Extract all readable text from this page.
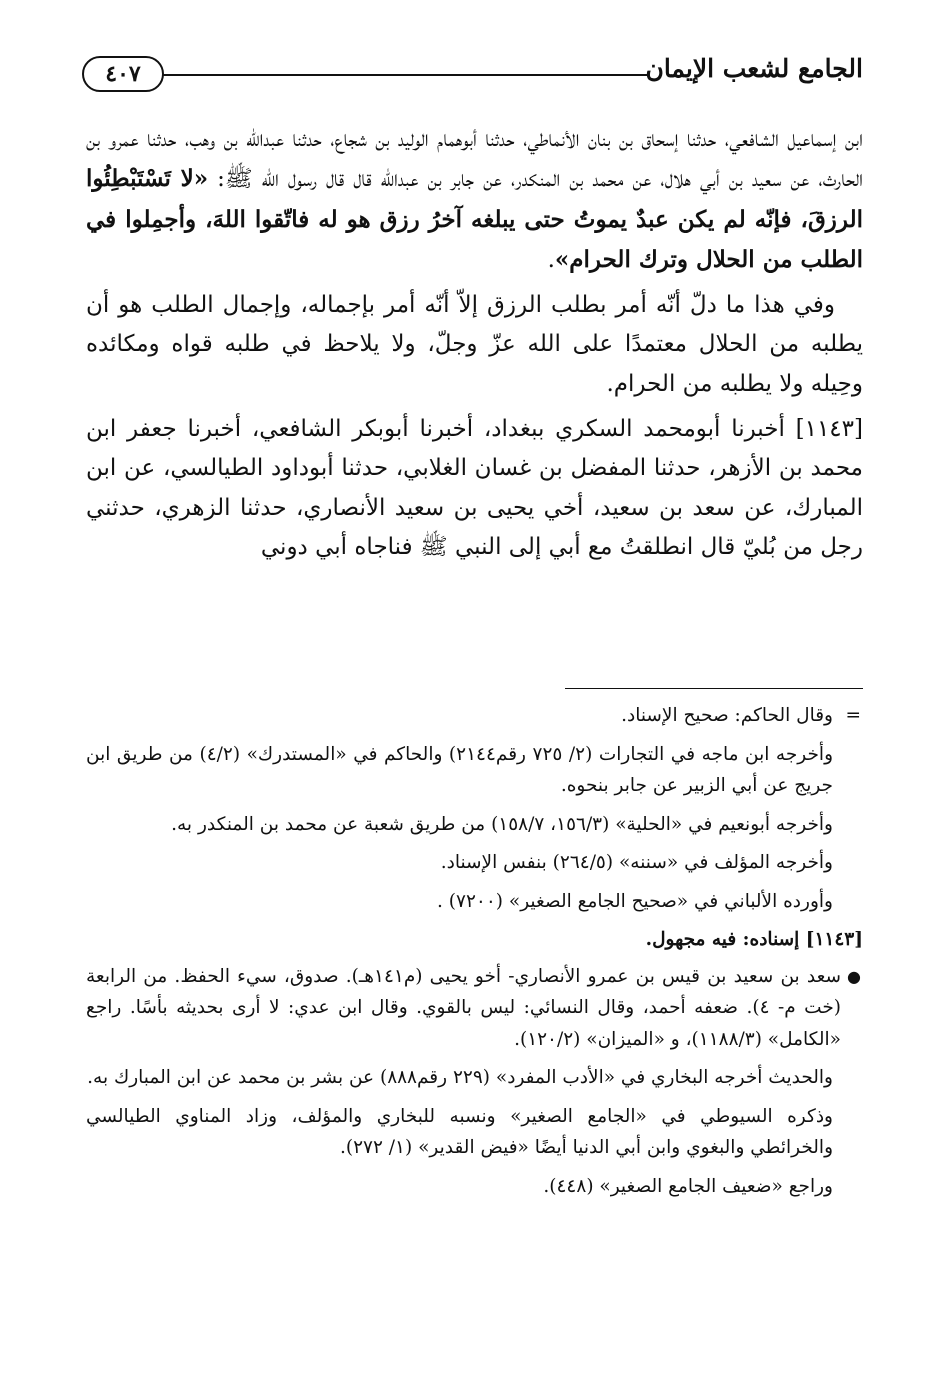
الجامع لشعب الإيمان
٤٠٧

ابن إسماعيل الشافعي، حدثنا إسحاق بن بنان الأنماطي، حدثنا أبوهمام الوليد بن شجاع، حدثنا عبدالله بن وهب، حدثنا عمرو بن الحارث، عن سعيد بن أبي هلال، عن محمد بن المنكدر، عن جابر بن عبدالله قال قال رسول الله ﷺ: «لا تَسْتَبْطِئُوا الرزقَ، فإنّه لم يكن عبدٌ يموتُ حتى يبلغه آخرُ رزق هو له فاتّقوا اللهَ، وأجمِلوا في الطلب من الحلال وترك الحرام».

وفي هذا ما دلّ أنّه أمر بطلب الرزق إلاّ أنّه أمر بإجماله، وإجمال الطلب هو أن يطلبه من الحلال معتمدًا على الله عزّ وجلّ، ولا يلاحظ في طلبه قواه ومكائده وحِيله ولا يطلبه من الحرام.

[١١٤٣] أخبرنا أبومحمد السكري ببغداد، أخبرنا أبوبكر الشافعي، أخبرنا جعفر ابن محمد بن الأزهر، حدثنا المفضل بن غسان الغلابي، حدثنا أبوداود الطيالسي، عن ابن المبارك، عن سعد بن سعيد، أخي يحيى بن سعيد الأنصاري، حدثنا الزهري، حدثني رجل من بُليّ قال انطلقتُ مع أبي إلى النبي ﷺ فناجاه أبي دوني

=
وقال الحاكم: صحيح الإسناد.

وأخرجه ابن ماجه في التجارات (٢/ ٧٢٥ رقم٢١٤٤) والحاكم في «المستدرك» (٤/٢) من طريق ابن جريج عن أبي الزبير عن جابر بنحوه.

وأخرجه أبونعيم في «الحلية» (١٥٦/٣، ١٥٨/٧) من طريق شعبة عن محمد بن المنكدر به.

وأخرجه المؤلف في «سننه» (٢٦٤/٥) بنفس الإسناد.

وأورده الألباني في «صحيح الجامع الصغير» (٧٢٠٠) .

[١١٤٣] إسناده: فيه مجهول.

●
سعد بن سعيد بن قيس بن عمرو الأنصاري- أخو يحيى (م١٤١هـ). صدوق، سيء الحفظ. من الرابعة (خت م- ٤). ضعفه أحمد، وقال النسائي: ليس بالقوي. وقال ابن عدي: لا أرى بحديثه بأسًا. راجع «الكامل» (١١٨٨/٣)، و «الميزان» (١٢٠/٢).

والحديث أخرجه البخاري في «الأدب المفرد» (٢٢٩ رقم٨٨٨) عن بشر بن محمد عن ابن المبارك به.

وذكره السيوطي في «الجامع الصغير» ونسبه للبخاري والمؤلف، وزاد المناوي الطيالسي والخرائطي والبغوي وابن أبي الدنيا أيضًا «فيض القدير» (١/ ٢٧٢).

وراجع «ضعيف الجامع الصغير» (٤٤٨).
